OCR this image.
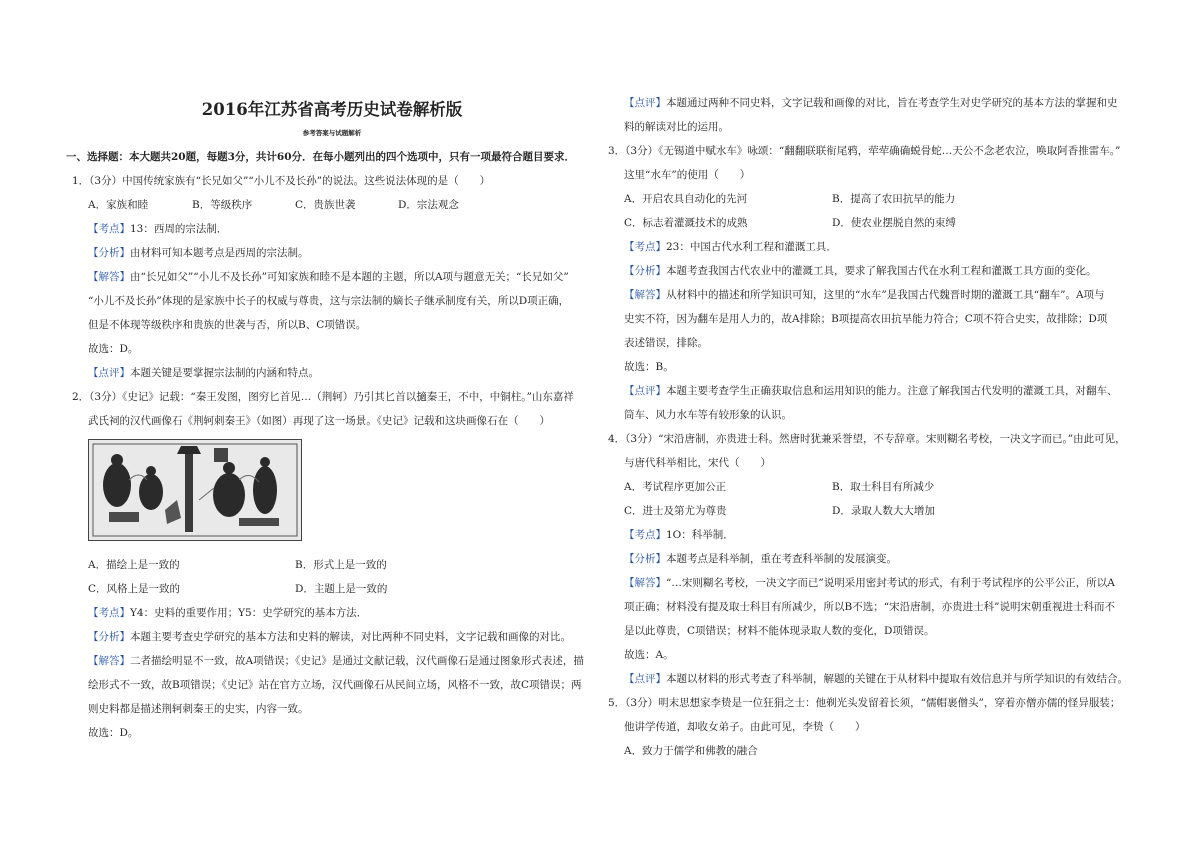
2016年江苏省高考历史试卷解析版
参考答案与试题解析
一、选择题：本大题共20题，每题3分，共计60分．在每小题列出的四个选项中，只有一项最符合题目要求．
1．（3分）中国传统家族有“长兄如父”“小儿不及长孙”的说法。这些说法体现的是（　　）
A．家族和睦	B．等级秩序	C．贵族世袭	D．宗法观念
【考点】13：西周的宗法制．
【分析】由材料可知本题考点是西周的宗法制。
【解答】由“长兄如父”“小儿不及长孙”可知家族和睦不是本题的主题，所以A项与题意无关；“长兄如父”
“小儿不及长孙”体现的是家族中长子的权威与尊贵，这与宗法制的嫡长子继承制度有关，所以D项正确，
但是不体现等级秩序和贵族的世袭与否，所以B、C项错误。
故选：D。
【点评】本题关键是要掌握宗法制的内涵和特点。
2．（3分）《史记》记载：“秦王发图，图穷匕首见…（荆轲）乃引其匕首以擿秦王，不中，中铜柱。”山东嘉祥
武氏祠的汉代画像石《荆轲刺秦王》（如图）再现了这一场景。《史记》记载和这块画像石在（　　）
A．描绘上是一致的	B．形式上是一致的
C．风格上是一致的	D．主题上是一致的
【考点】Y4：史料的重要作用；Y5：史学研究的基本方法．
【分析】本题主要考查史学研究的基本方法和史料的解读，对比两种不同史料，文字记载和画像的对比。
【解答】二者描绘明显不一致，故A项错误；《史记》是通过文献记载，汉代画像石是通过图象形式表述，描
绘形式不一致，故B项错误；《史记》站在官方立场，汉代画像石从民间立场，风格不一致，故C项错误；两
则史料都是描述荆轲刺秦王的史实，内容一致。
故选：D。
【点评】本题通过两种不同史料，文字记载和画像的对比，旨在考查学生对史学研究的基本方法的掌握和史
料的解读对比的运用。
3．（3分）《无锡道中赋水车》咏颂：“翻翻联联衔尾鸦，荦荦确确蜕骨蛇…天公不念老农泣，唤取阿香推雷车。”
这里“水车”的使用（　　）
A．开启农具自动化的先河	B．提高了农田抗旱的能力
C．标志着灌溉技术的成熟	D．使农业摆脱自然的束缚
【考点】23：中国古代水利工程和灌溉工具．
【分析】本题考查我国古代农业中的灌溉工具，要求了解我国古代在水利工程和灌溉工具方面的变化。
【解答】从材料中的描述和所学知识可知，这里的“水车”是我国古代魏晋时期的灌溉工具“翻车”。A项与
史实不符，因为翻车是用人力的，故A排除；B项提高农田抗旱能力符合；C项不符合史实，故排除；D项
表述错误，排除。
故选：B。
【点评】本题主要考查学生正确获取信息和运用知识的能力。注意了解我国古代发明的灌溉工具，对翻车、
筒车、风力水车等有较形象的认识。
4．（3分）“宋沿唐制，亦贵进士科。然唐时犹兼采誉望，不专辞章。宋则糊名考校，一决文字而已。”由此可见，
与唐代科举相比，宋代（　　）
A．考试程序更加公正	B．取士科目有所减少
C．进士及第尤为尊贵	D．录取人数大大增加
【考点】1O：科举制．
【分析】本题考点是科举制，重在考查科举制的发展演变。
【解答】“…宋则糊名考校，一决文字而已”说明采用密封考试的形式，有利于考试程序的公平公正，所以A
项正确；材料没有提及取士科目有所减少，所以B不选；“宋沿唐制，亦贵进士科”说明宋朝重视进士科而不
是以此尊贵，C项错误；材料不能体现录取人数的变化，D项错误。
故选：A。
【点评】本题以材料的形式考查了科举制，解题的关键在于从材料中提取有效信息并与所学知识的有效结合。
5．（3分）明末思想家李贽是一位狂狷之士：他剃光头发留着长须，“儒帽裹僧头”，穿着亦僧亦儒的怪异服装；
他讲学传道，却收女弟子。由此可见，李贽（　　）
A．致力于儒学和佛教的融合
